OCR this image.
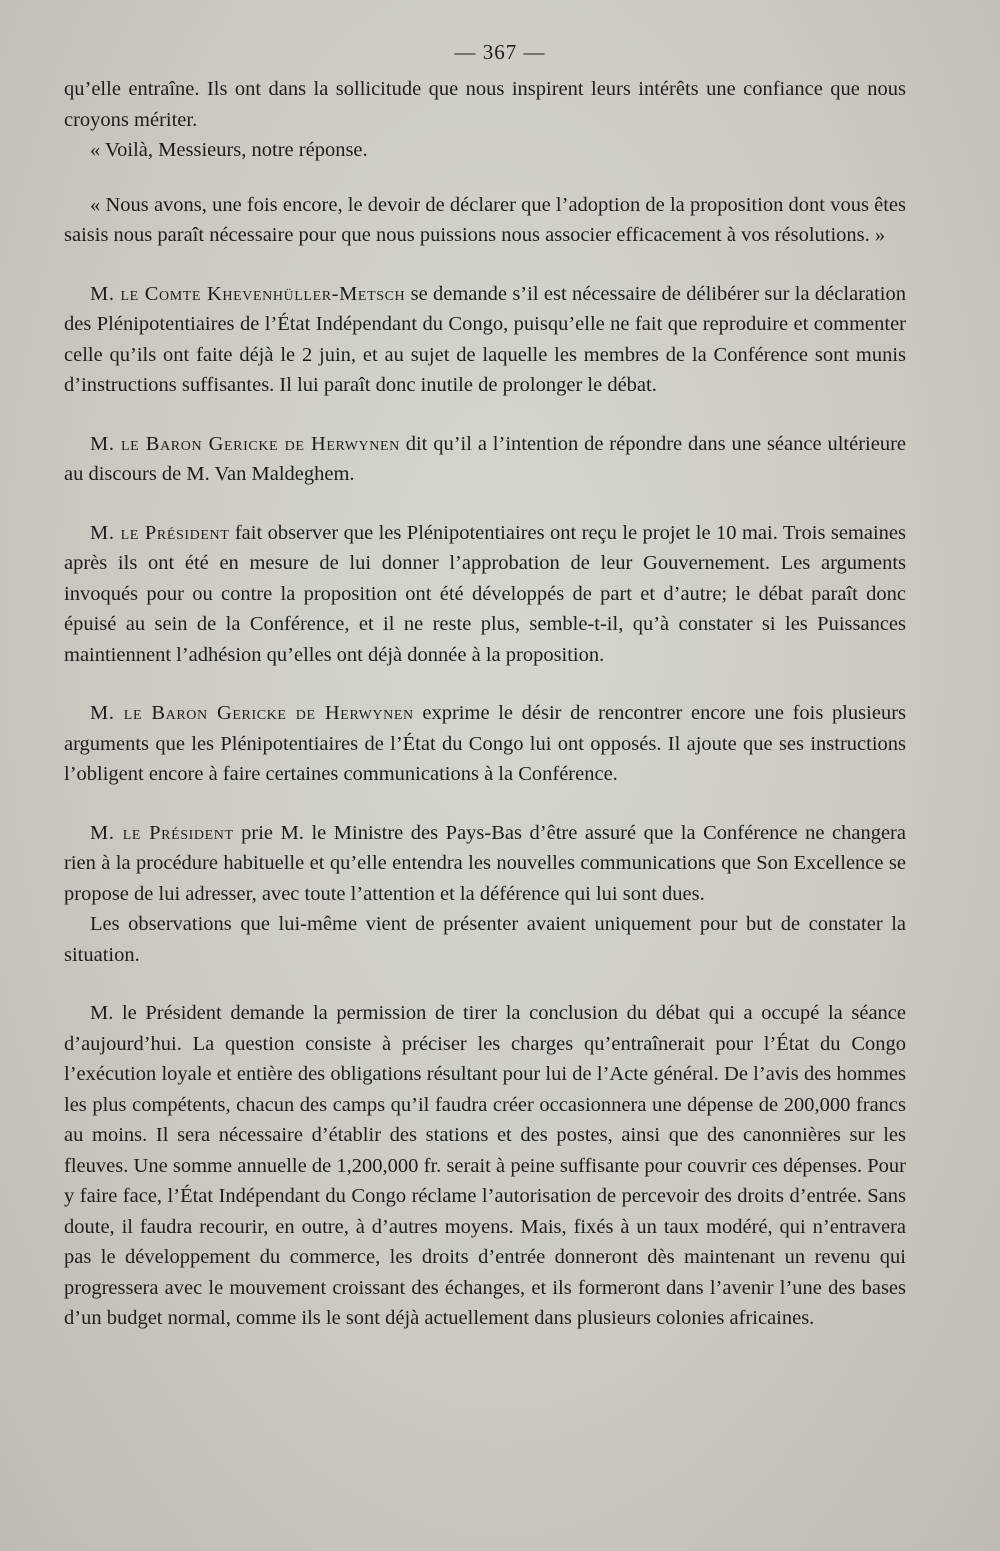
— 367 —

qu’elle entraîne. Ils ont dans la sollicitude que nous inspirent leurs intérêts une confiance que nous croyons mériter.

« Voilà, Messieurs, notre réponse.

« Nous avons, une fois encore, le devoir de déclarer que l’adoption de la proposition dont vous êtes saisis nous paraît nécessaire pour que nous puissions nous associer efficacement à vos résolutions. »

M. le Comte Khevenhüller-Metsch se demande s’il est nécessaire de délibérer sur la déclaration des Plénipotentiaires de l’État Indépendant du Congo, puisqu’elle ne fait que reproduire et commenter celle qu’ils ont faite déjà le 2 juin, et au sujet de laquelle les membres de la Conférence sont munis d’instructions suffisantes. Il lui paraît donc inutile de prolonger le débat.

M. le Baron Gericke de Herwynen dit qu’il a l’intention de répondre dans une séance ultérieure au discours de M. Van Maldeghem.

M. le Président fait observer que les Plénipotentiaires ont reçu le projet le 10 mai. Trois semaines après ils ont été en mesure de lui donner l’approbation de leur Gouvernement. Les arguments invoqués pour ou contre la proposition ont été développés de part et d’autre; le débat paraît donc épuisé au sein de la Conférence, et il ne reste plus, semble-t-il, qu’à constater si les Puissances maintiennent l’adhésion qu’elles ont déjà donnée à la proposition.

M. le Baron Gericke de Herwynen exprime le désir de rencontrer encore une fois plusieurs arguments que les Plénipotentiaires de l’État du Congo lui ont opposés. Il ajoute que ses instructions l’obligent encore à faire certaines communications à la Conférence.

M. le Président prie M. le Ministre des Pays-Bas d’être assuré que la Conférence ne changera rien à la procédure habituelle et qu’elle entendra les nouvelles communications que Son Excellence se propose de lui adresser, avec toute l’attention et la déférence qui lui sont dues.

Les observations que lui-même vient de présenter avaient uniquement pour but de constater la situation.

M. le Président demande la permission de tirer la conclusion du débat qui a occupé la séance d’aujourd’hui. La question consiste à préciser les charges qu’entraînerait pour l’État du Congo l’exécution loyale et entière des obligations résultant pour lui de l’Acte général. De l’avis des hommes les plus compétents, chacun des camps qu’il faudra créer occasionnera une dépense de 200,000 francs au moins. Il sera nécessaire d’établir des stations et des postes, ainsi que des canonnières sur les fleuves. Une somme annuelle de 1,200,000 fr. serait à peine suffisante pour couvrir ces dépenses. Pour y faire face, l’État Indépendant du Congo réclame l’autorisation de percevoir des droits d’entrée. Sans doute, il faudra recourir, en outre, à d’autres moyens. Mais, fixés à un taux modéré, qui n’entravera pas le développement du commerce, les droits d’entrée donneront dès maintenant un revenu qui progressera avec le mouvement croissant des échanges, et ils formeront dans l’avenir l’une des bases d’un budget normal, comme ils le sont déjà actuellement dans plusieurs colonies africaines.
